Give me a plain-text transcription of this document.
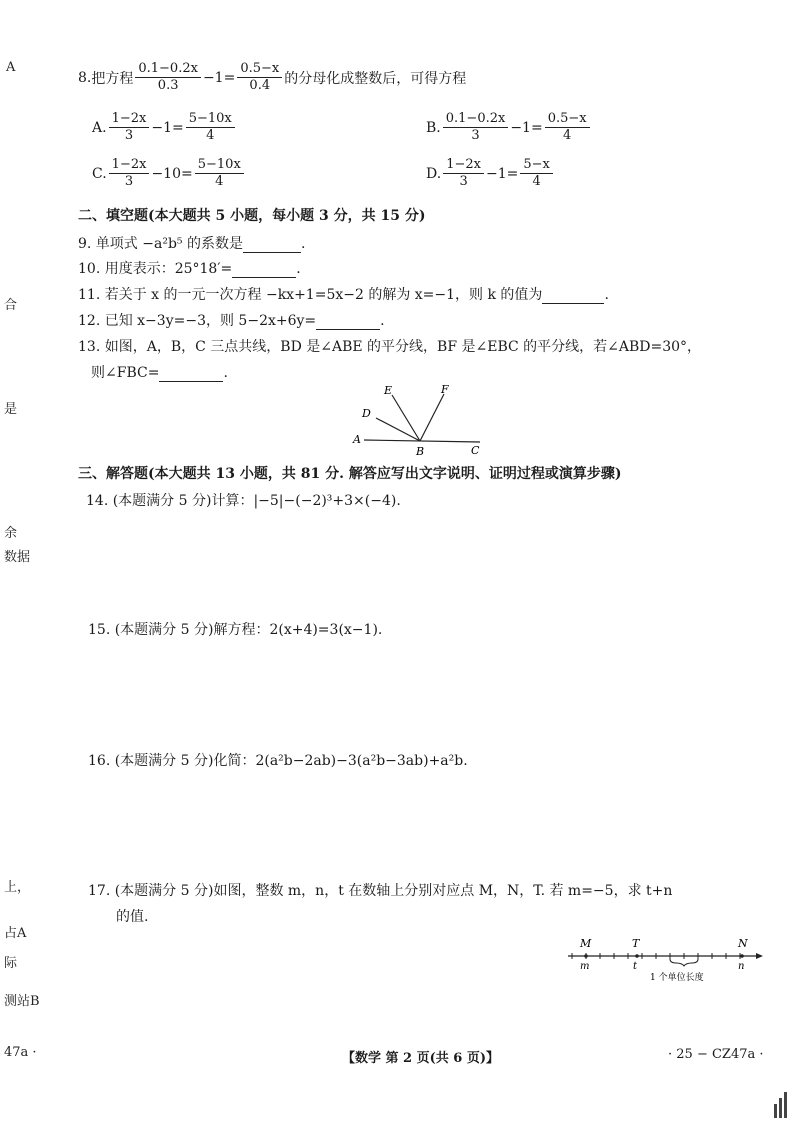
A
合
是
余
数据
上，
占A
际
测站B
47a ·
8. 把方程 $\frac{0.1-0.2x}{0.3} -1= \frac{0.5-x}{0.4}$ 的分母化成整数后，可得方程
A. $\frac{1-2x}{3} -1= \frac{5-10x}{4}$	B. $\frac{0.1-0.2x}{3} -1= \frac{0.5-x}{4}$
C. $\frac{1-2x}{3} -10= \frac{5-10x}{4}$	D. $\frac{1-2x}{3} -1= \frac{5-x}{4}$
二、填空题(本大题共 5 小题，每小题 3 分，共 15 分)
9. 单项式 −a²b⁵ 的系数是	.
10. 用度表示：25°18′=	.
11. 若关于 x 的一元一次方程 −kx+1=5x−2 的解为 x=−1，则 k 的值为	.
12. 已知 x−3y=−3，则 5−2x+6y=	.
13. 如图，A，B，C 三点共线，BD 是∠ABE 的平分线，BF 是∠EBC 的平分线，若∠ABD=30°，
则∠FBC=	.
E	F
D
A
B	C
三、解答题(本大题共 13 小题，共 81 分. 解答应写出文字说明、证明过程或演算步骤)
14. (本题满分 5 分)计算：|−5|−(−2)³+3×(−4).
15. (本题满分 5 分)解方程：2(x+4)=3(x−1).
16. (本题满分 5 分)化简：2(a²b−2ab)−3(a²b−3ab)+a²b.
17. (本题满分 5 分)如图，整数 m，n，t 在数轴上分别对应点 M，N，T. 若 m=−5，求 t+n
的值.
M	T	N
m	t	n
1 个单位长度
【数学 第 2 页(共 6 页)】	· 25 − CZ47a ·
